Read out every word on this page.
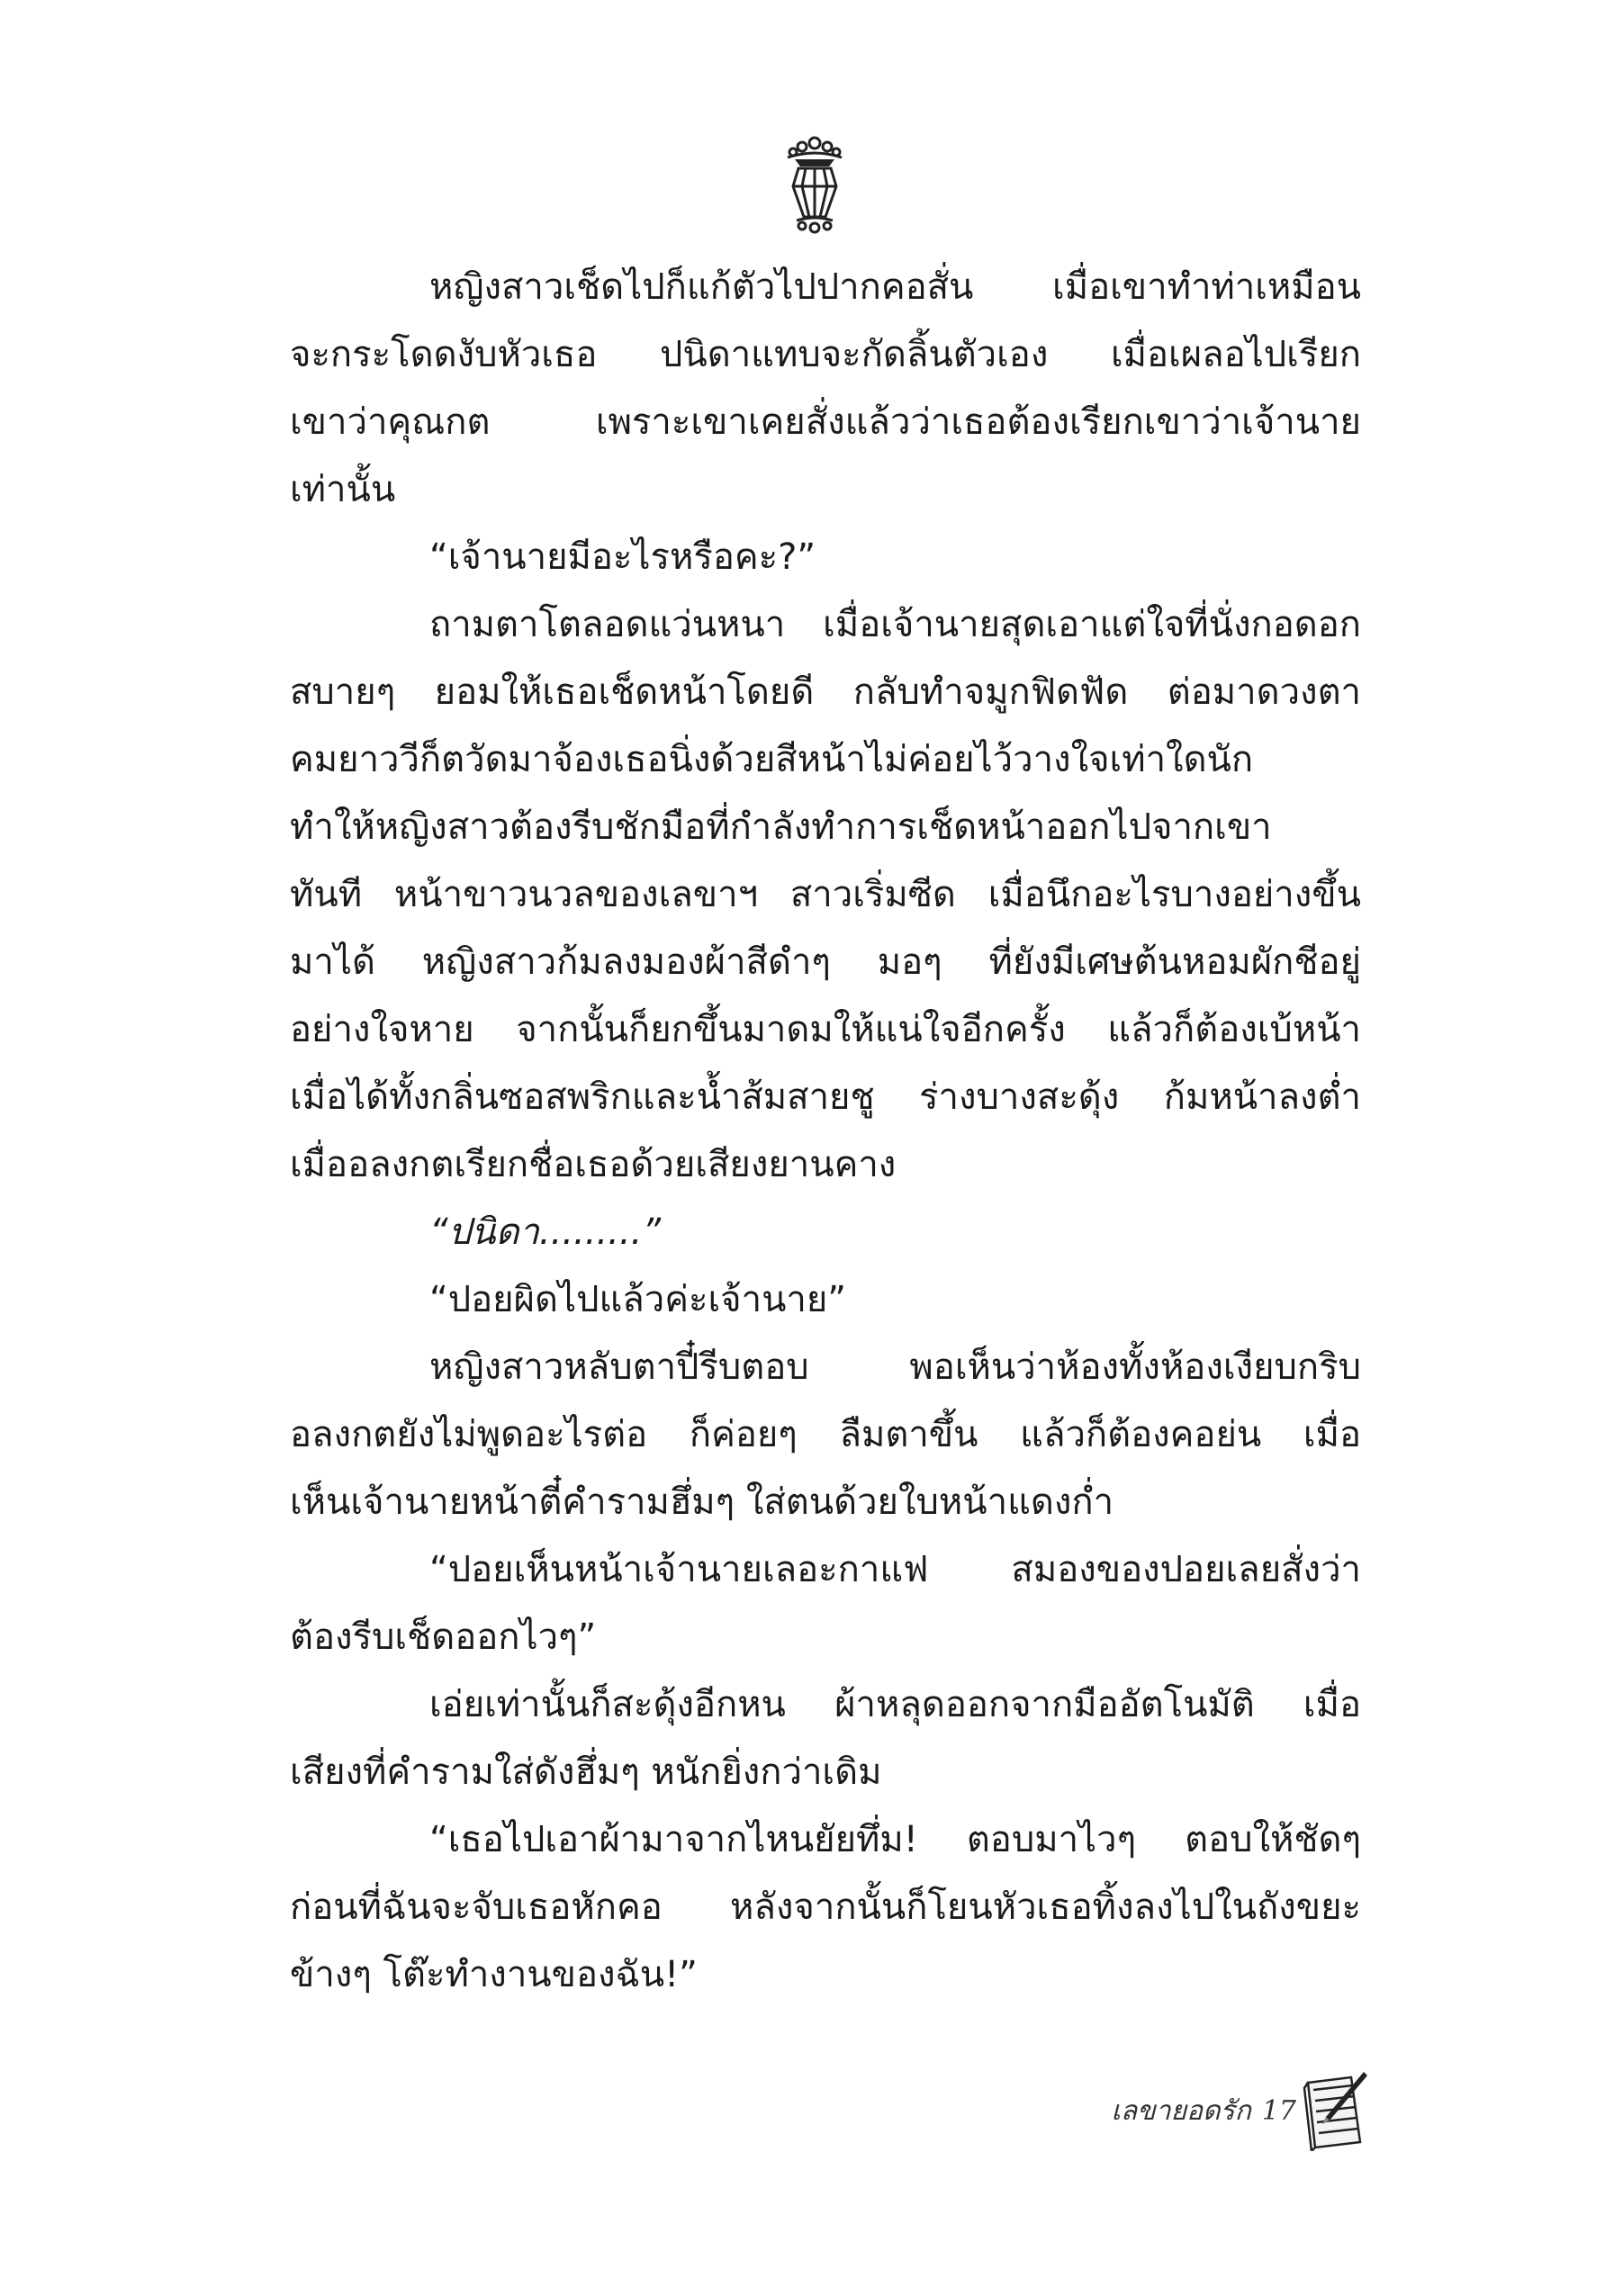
หญิงสาวเช็ดไปก็แก้ตัวไปปากคอสั่น เมื่อเขาทำท่าเหมือน
จะกระโดดงับหัวเธอ ปนิดาแทบจะกัดลิ้นตัวเอง เมื่อเผลอไปเรียก
เขาว่าคุณกต เพราะเขาเคยสั่งแล้วว่าเธอต้องเรียกเขาว่าเจ้านาย
เท่านั้น
“เจ้านายมีอะไรหรือคะ?”
ถามตาโตลอดแว่นหนา เมื่อเจ้านายสุดเอาแต่ใจที่นั่งกอดอก
สบายๆ ยอมให้เธอเช็ดหน้าโดยดี กลับทำจมูกฟิดฟัด ต่อมาดวงตา
คมยาววีก็ตวัดมาจ้องเธอนิ่งด้วยสีหน้าไม่ค่อยไว้วางใจเท่าใดนัก
ทำให้หญิงสาวต้องรีบชักมือที่กำลังทำการเช็ดหน้าออกไปจากเขา
ทันที หน้าขาวนวลของเลขาฯ สาวเริ่มซีด เมื่อนึกอะไรบางอย่างขึ้น
มาได้ หญิงสาวก้มลงมองผ้าสีดำๆ มอๆ ที่ยังมีเศษต้นหอมผักชีอยู่
อย่างใจหาย จากนั้นก็ยกขึ้นมาดมให้แน่ใจอีกครั้ง แล้วก็ต้องเบ้หน้า
เมื่อได้ทั้งกลิ่นซอสพริกและน้ำส้มสายชู ร่างบางสะดุ้ง ก้มหน้าลงต่ำ
เมื่ออลงกตเรียกชื่อเธอด้วยเสียงยานคาง
“ปนิดา.........”
“ปอยผิดไปแล้วค่ะเจ้านาย”
หญิงสาวหลับตาปี๋รีบตอบ พอเห็นว่าห้องทั้งห้องเงียบกริบ
อลงกตยังไม่พูดอะไรต่อ ก็ค่อยๆ ลืมตาขึ้น แล้วก็ต้องคอย่น เมื่อ
เห็นเจ้านายหน้าตี๋คำรามฮึ่มๆ ใส่ตนด้วยใบหน้าแดงก่ำ
“ปอยเห็นหน้าเจ้านายเลอะกาแฟ สมองของปอยเลยสั่งว่า
ต้องรีบเช็ดออกไวๆ”
เอ่ยเท่านั้นก็สะดุ้งอีกหน ผ้าหลุดออกจากมืออัตโนมัติ เมื่อ
เสียงที่คำรามใส่ดังฮึ่มๆ หนักยิ่งกว่าเดิม
“เธอไปเอาผ้ามาจากไหนยัยทึ่ม! ตอบมาไวๆ ตอบให้ชัดๆ
ก่อนที่ฉันจะจับเธอหักคอ หลังจากนั้นก็โยนหัวเธอทิ้งลงไปในถังขยะ
ข้างๆ โต๊ะทำงานของฉัน!”
เลขายอดรัก 17
